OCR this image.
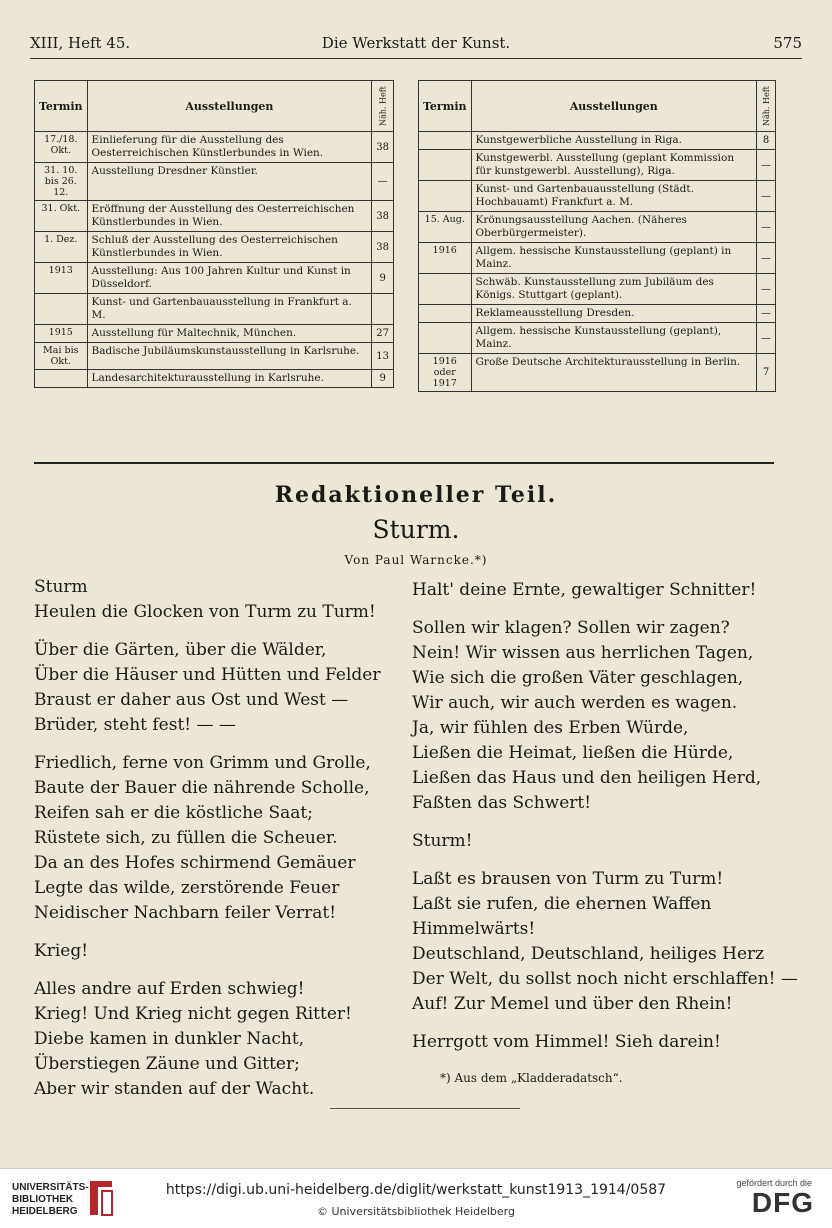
XIII, Heft 45.	Die Werkstatt der Kunst.	575
Termin	Ausstellungen	Näh. Heft
17./18. Okt.	Einlieferung für die Ausstellung des Oesterreichischen Künstlerbundes in Wien.	38
31. 10. bis 26. 12.	Ausstellung Dresdner Künstler.	—
31. Okt.	Eröffnung der Ausstellung des Oesterreichischen Künstlerbundes in Wien.	38
1. Dez.	Schluß der Ausstellung des Oesterreichischen Künstlerbundes in Wien.	38
1913	Ausstellung: Aus 100 Jahren Kultur und Kunst in Düsseldorf.	9
	Kunst- und Gartenbauausstellung in Frankfurt a. M.	
1915	Ausstellung für Maltechnik, München.	27
Mai bis Okt.	Badische Jubiläumskunstausstellung in Karlsruhe.	13
	Landesarchitekturausstellung in Karlsruhe.	9
Termin	Ausstellungen	Näh. Heft
	Kunstgewerbliche Ausstellung in Riga.	8
	Kunstgewerbl. Ausstellung (geplant Kommission für kunstgewerbl. Ausstellung), Riga.	—
	Kunst- und Gartenbauausstellung (Städt. Hochbauamt) Frankfurt a. M.	—
15. Aug.	Krönungsausstellung Aachen. (Näheres Oberbürgermeister).	—
1916	Allgem. hessische Kunstausstellung (geplant) in Mainz.	—
	Schwäb. Kunstausstellung zum Jubiläum des Königs. Stuttgart (geplant).	—
	Reklameausstellung Dresden.	—
	Allgem. hessische Kunstausstellung (geplant), Mainz.	—
1916 oder 1917	Große Deutsche Architekturausstellung in Berlin.	7
Redaktioneller Teil.
Sturm.
Von Paul Warncke.*)
Sturm
Heulen die Glocken von Turm zu Turm!
Über die Gärten, über die Wälder,
Über die Häuser und Hütten und Felder
Braust er daher aus Ost und West —
Brüder, steht fest! — —
Friedlich, ferne von Grimm und Grolle,
Baute der Bauer die nährende Scholle,
Reifen sah er die köstliche Saat;
Rüstete sich, zu füllen die Scheuer.
Da an des Hofes schirmend Gemäuer
Legte das wilde, zerstörende Feuer
Neidischer Nachbarn feiler Verrat!
Krieg!
Alles andre auf Erden schwieg!
Krieg! Und Krieg nicht gegen Ritter!
Diebe kamen in dunkler Nacht,
Überstiegen Zäune und Gitter;
Aber wir standen auf der Wacht.
Halt' deine Ernte, gewaltiger Schnitter!
Sollen wir klagen? Sollen wir zagen?
Nein! Wir wissen aus herrlichen Tagen,
Wie sich die großen Väter geschlagen,
Wir auch, wir auch werden es wagen.
Ja, wir fühlen des Erben Würde,
Ließen die Heimat, ließen die Hürde,
Ließen das Haus und den heiligen Herd,
Faßten das Schwert!
Sturm!
Laßt es brausen von Turm zu Turm!
Laßt sie rufen, die ehernen Waffen
Himmelwärts!
Deutschland, Deutschland, heiliges Herz
Der Welt, du sollst noch nicht erschlaffen! —
Auf! Zur Memel und über den Rhein!
Herrgott vom Himmel! Sieh darein!
*) Aus dem „Kladderadatsch“.
UNIVERSITÄTS-
BIBLIOTHEK
HEIDELBERG
https://digi.ub.uni-heidelberg.de/diglit/werkstatt_kunst1913_1914/0587
© Universitätsbibliothek Heidelberg
gefördert durch die
DFG
